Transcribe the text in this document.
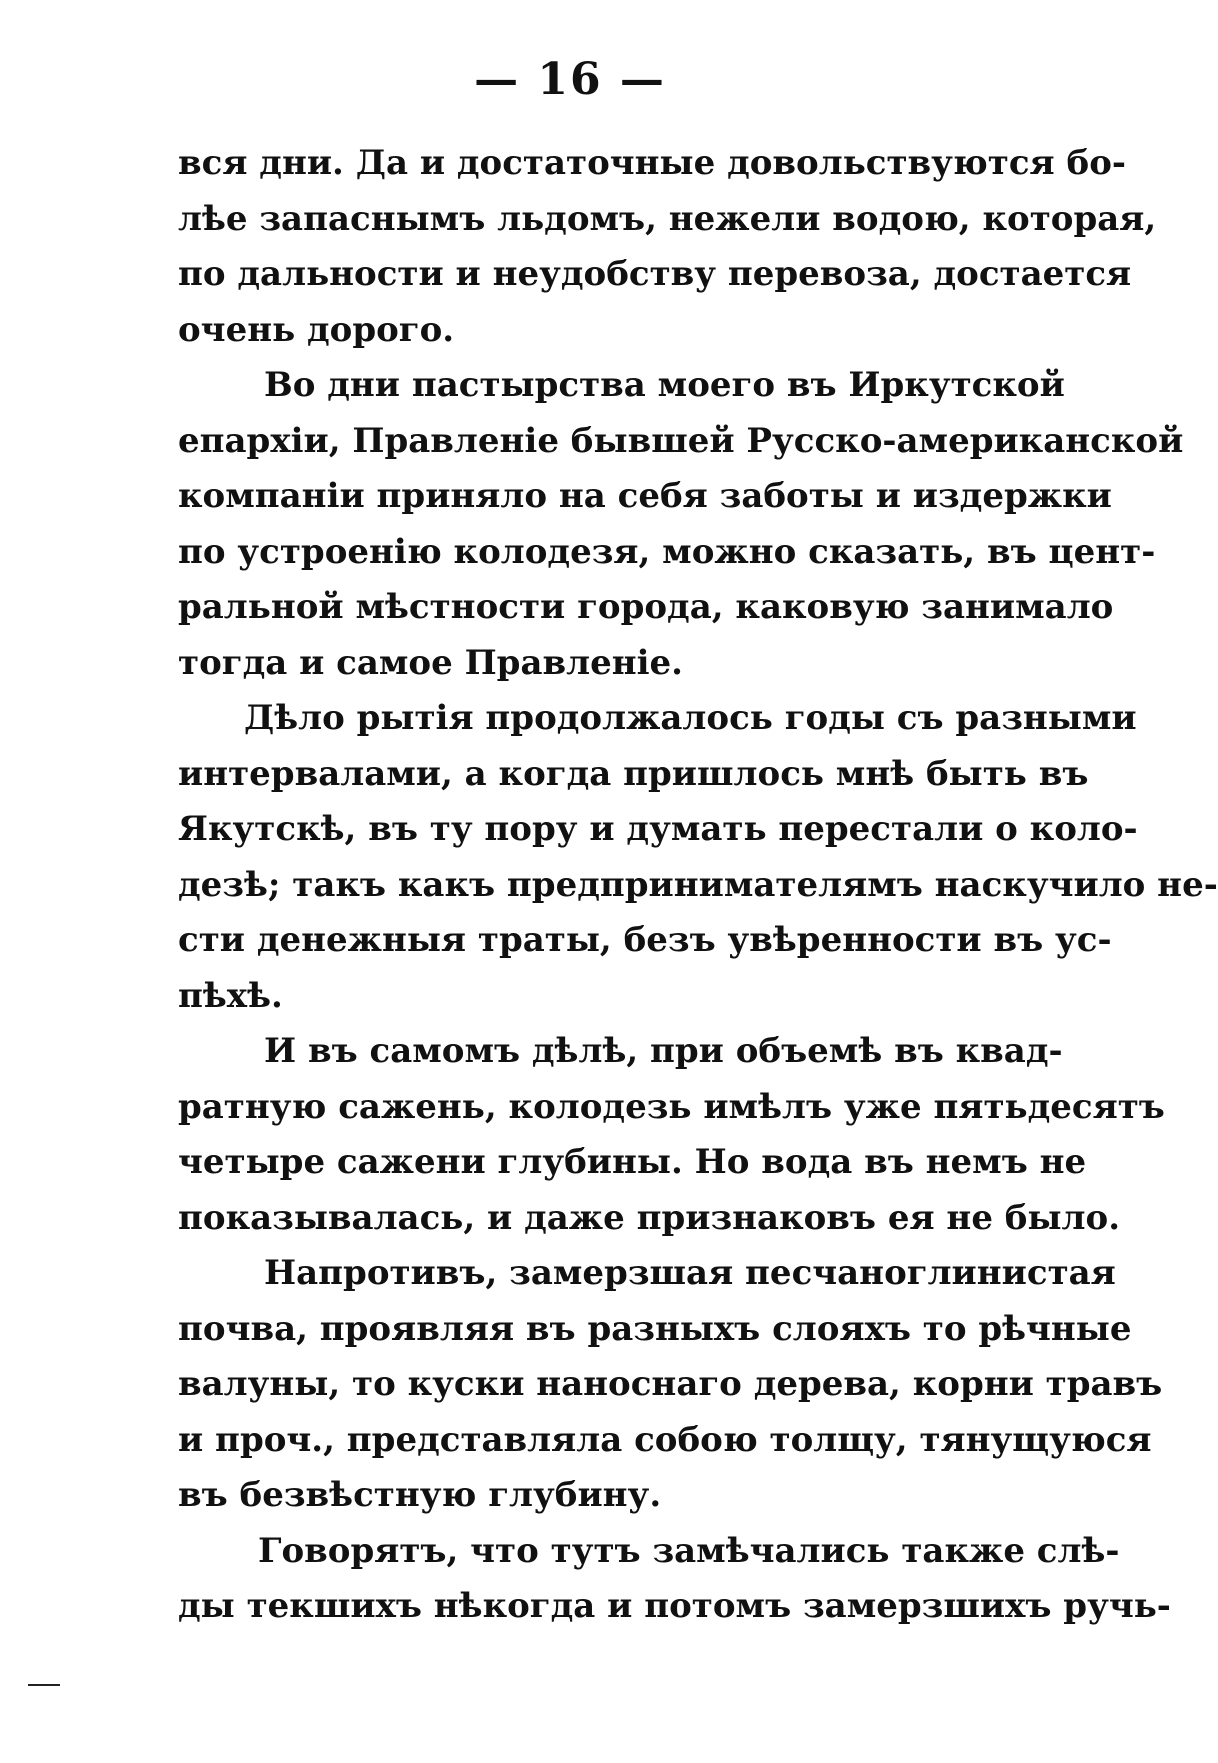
— 16 —
вся дни. Да и достаточные довольствуются бо-
лѣе запаснымъ льдомъ, нежели водою, которая,
по дальности и неудобству перевоза, достается
очень дорого.
Во дни пастырства моего въ Иркутской
епархіи, Правленіе бывшей Русско-американской
компаніи приняло на себя заботы и издержки
по устроенію колодезя, можно сказать, въ цент-
ральной мѣстности города, каковую занимало
тогда и самое Правленіе.
Дѣло рытія продолжалось годы съ разными
интервалами, а когда пришлось мнѣ быть въ
Якутскѣ, въ ту пору и думать перестали о коло-
дезѣ; такъ какъ предпринимателямъ наскучило не-
сти денежныя траты, безъ увѣренности въ ус-
пѣхѣ.
И въ самомъ дѣлѣ, при объемѣ въ квад-
ратную сажень, колодезь имѣлъ уже пятьдесятъ
четыре сажени глубины. Но вода въ немъ не
показывалась, и даже признаковъ ея не было.
Напротивъ, замерзшая песчаноглинистая
почва, проявляя въ разныхъ слояхъ то рѣчные
валуны, то куски наноснаго дерева, корни травъ
и проч., представляла собою толщу, тянущуюся
въ безвѣстную глубину.
Говорятъ, что тутъ замѣчались также слѣ-
ды текшихъ нѣкогда и потомъ замерзшихъ ручь-
